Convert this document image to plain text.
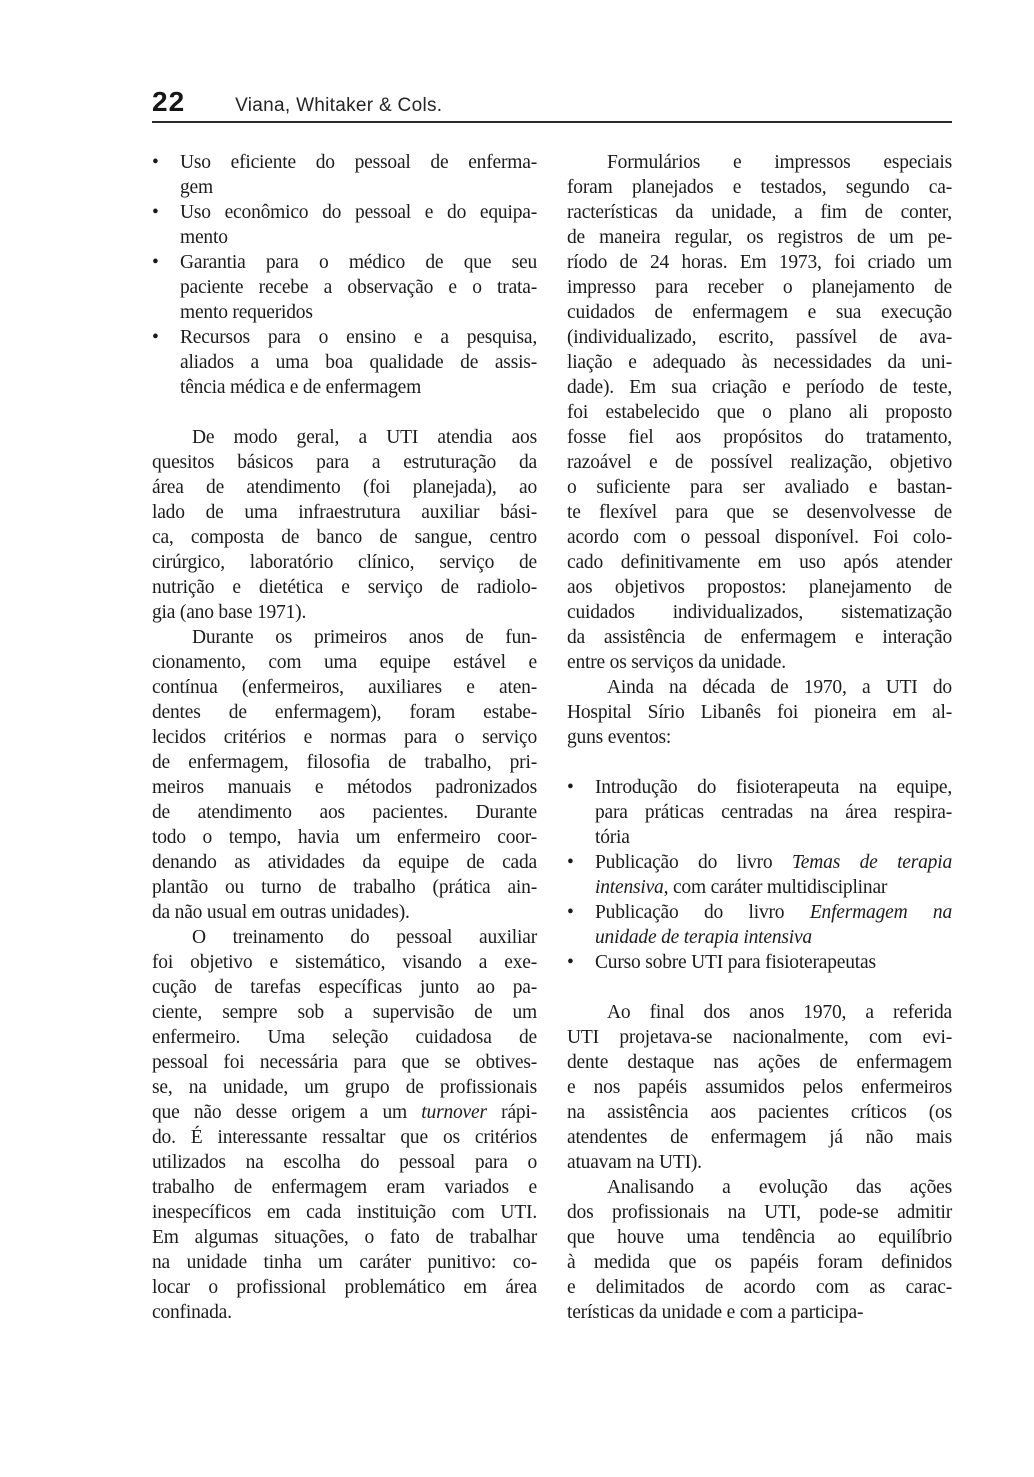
22	Viana, Whitaker & Cols.
•	Uso eficiente do pessoal de enferma-
gem
•	Uso econômico do pessoal e do equipa-
mento
•	Garantia para o médico de que seu
paciente recebe a observação e o trata-
mento requeridos
•	Recursos para o ensino e a pesquisa,
aliados a uma boa qualidade de assis-
tência médica e de enfermagem
De modo geral, a UTI atendia aos
quesitos básicos para a estruturação da
área de atendimento (foi planejada), ao
lado de uma infraestrutura auxiliar bási-
ca, composta de banco de sangue, centro
cirúrgico, laboratório clínico, serviço de
nutrição e dietética e serviço de radiolo-
gia (ano base 1971).
Durante os primeiros anos de fun-
cionamento, com uma equipe estável e
contínua (enfermeiros, auxiliares e aten-
dentes de enfermagem), foram estabe-
lecidos critérios e normas para o serviço
de enfermagem, filosofia de trabalho, pri-
meiros manuais e métodos padronizados
de atendimento aos pacientes. Durante
todo o tempo, havia um enfermeiro coor-
denando as atividades da equipe de cada
plantão ou turno de trabalho (prática ain-
da não usual em outras unidades).
O treinamento do pessoal auxiliar
foi objetivo e sistemático, visando a exe-
cução de tarefas específicas junto ao pa-
ciente, sempre sob a supervisão de um
enfermeiro. Uma seleção cuidadosa de
pessoal foi necessária para que se obtives-
se, na unidade, um grupo de profissionais
que não desse origem a um turnover rápi-
do. É interessante ressaltar que os critérios
utilizados na escolha do pessoal para o
trabalho de enfermagem eram variados e
inespecíficos em cada instituição com UTI.
Em algumas situações, o fato de trabalhar
na unidade tinha um caráter punitivo: co-
locar o profissional problemático em área
confinada.
Formulários e impressos especiais
foram planejados e testados, segundo ca-
racterísticas da unidade, a fim de conter,
de maneira regular, os registros de um pe-
ríodo de 24 horas. Em 1973, foi criado um
impresso para receber o planejamento de
cuidados de enfermagem e sua execução
(individualizado, escrito, passível de ava-
liação e adequado às necessidades da uni-
dade). Em sua criação e período de teste,
foi estabelecido que o plano ali proposto
fosse fiel aos propósitos do tratamento,
razoável e de possível realização, objetivo
o suficiente para ser avaliado e bastan-
te flexível para que se desenvolvesse de
acordo com o pessoal disponível. Foi colo-
cado definitivamente em uso após atender
aos objetivos propostos: planejamento de
cuidados individualizados, sistematização
da assistência de enfermagem e interação
entre os serviços da unidade.
Ainda na década de 1970, a UTI do
Hospital Sírio Libanês foi pioneira em al-
guns eventos:
•	Introdução do fisioterapeuta na equipe,
para práticas centradas na área respira-
tória
•	Publicação do livro Temas de terapia
intensiva, com caráter multidisciplinar
•	Publicação do livro Enfermagem na
unidade de terapia intensiva
•	Curso sobre UTI para fisioterapeutas
Ao final dos anos 1970, a referida
UTI projetava-se nacionalmente, com evi-
dente destaque nas ações de enfermagem
e nos papéis assumidos pelos enfermeiros
na assistência aos pacientes críticos (os
atendentes de enfermagem já não mais
atuavam na UTI).
Analisando a evolução das ações
dos profissionais na UTI, pode-se admitir
que houve uma tendência ao equilíbrio
à medida que os papéis foram definidos
e delimitados de acordo com as carac-
terísticas da unidade e com a participa-
